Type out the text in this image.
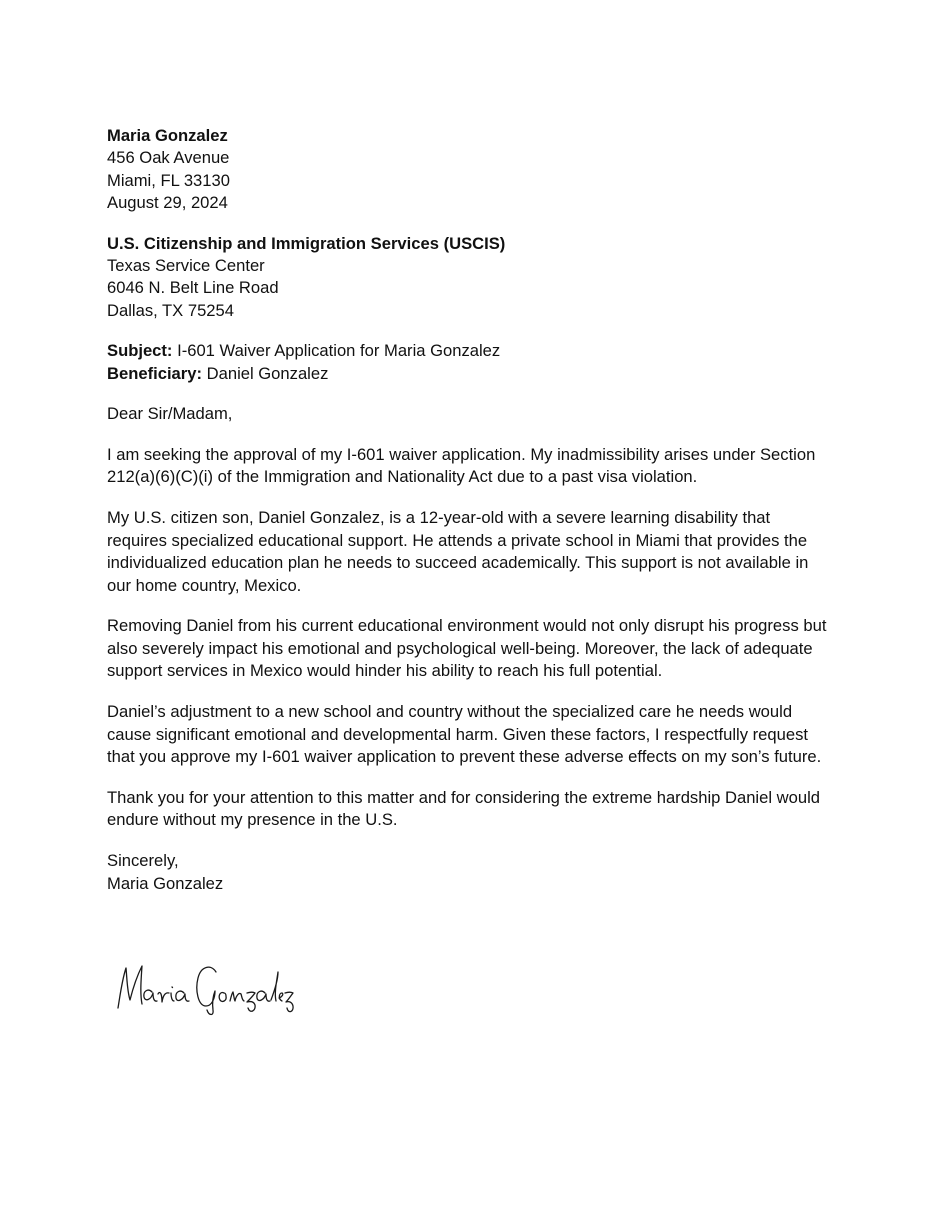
Maria Gonzalez

456 Oak Avenue

Miami, FL 33130

August 29, 2024

U.S. Citizenship and Immigration Services (USCIS)

Texas Service Center

6046 N. Belt Line Road

Dallas, TX 75254

Subject: I-601 Waiver Application for Maria Gonzalez

Beneficiary: Daniel Gonzalez

Dear Sir/Madam,

I am seeking the approval of my I-601 waiver application. My inadmissibility arises under Section 212(a)(6)(C)(i) of the Immigration and Nationality Act due to a past visa violation.

My U.S. citizen son, Daniel Gonzalez, is a 12-year-old with a severe learning disability that requires specialized educational support. He attends a private school in Miami that provides the individualized education plan he needs to succeed academically. This support is not available in our home country, Mexico.

Removing Daniel from his current educational environment would not only disrupt his progress but also severely impact his emotional and psychological well-being. Moreover, the lack of adequate support services in Mexico would hinder his ability to reach his full potential.

Daniel’s adjustment to a new school and country without the specialized care he needs would cause significant emotional and developmental harm. Given these factors, I respectfully request that you approve my I-601 waiver application to prevent these adverse effects on my son’s future.

Thank you for your attention to this matter and for considering the extreme hardship Daniel would endure without my presence in the U.S.

Sincerely,

Maria Gonzalez
